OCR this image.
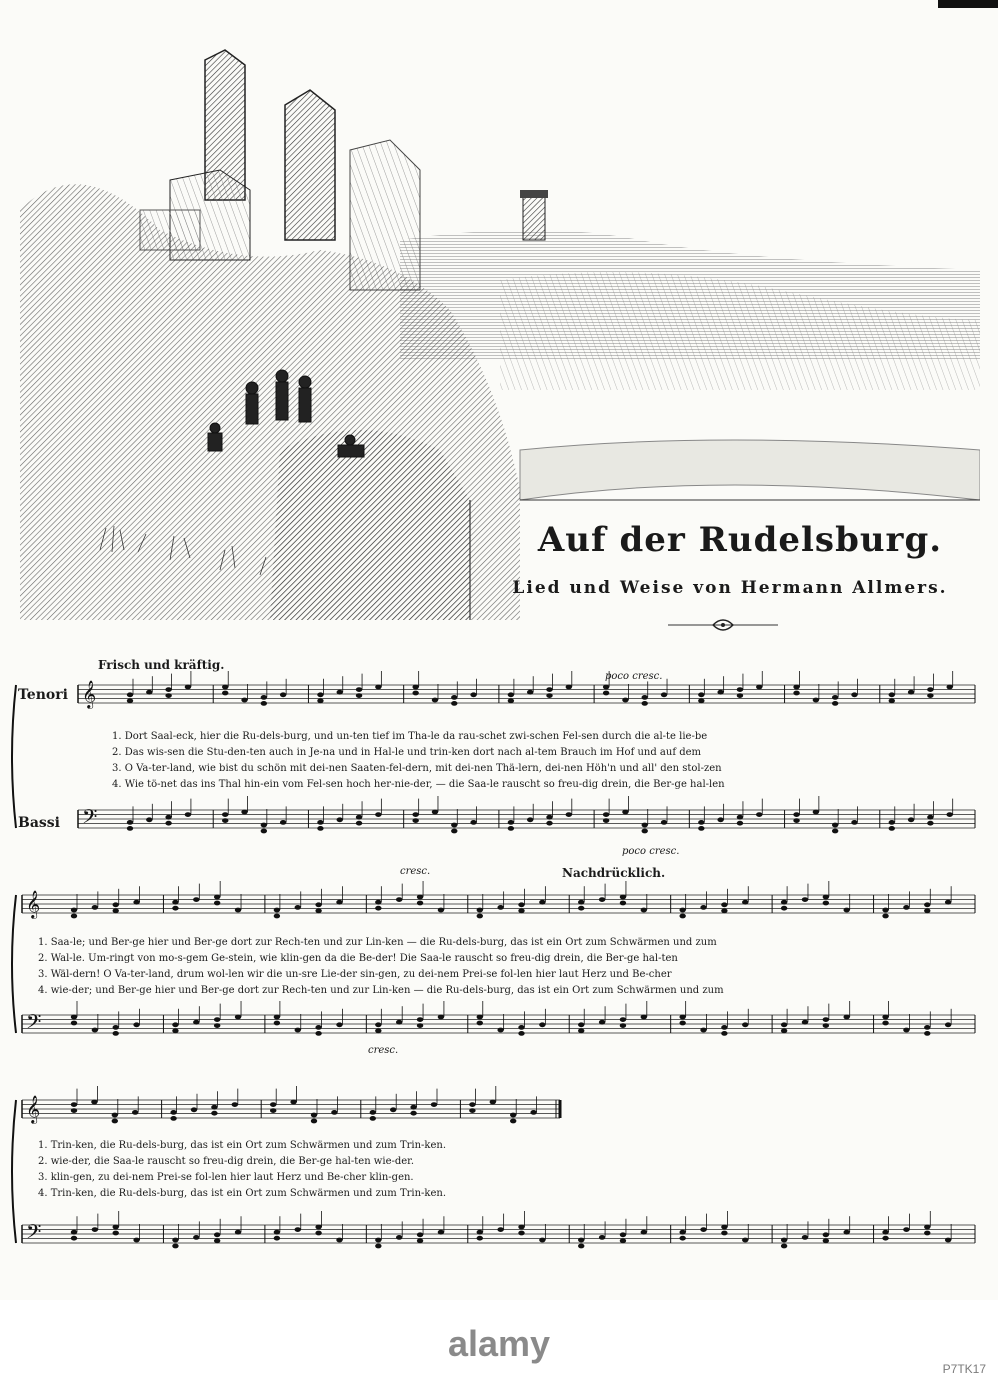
Auf der Rudelsburg.
Lied und Weise von Hermann Allmers.
Frisch und kräftig.
poco cresc.
Tenori
Bassi
poco cresc.
cresc.	Nachdrücklich.
cresc.
1. Dort Saal-eck, hier die Ru-dels-burg, und un-ten tief im Tha-le da rau-schet zwi-schen Fel-sen durch die al-te lie-be
2. Das wis-sen die Stu-den-ten auch in Je-na und in Hal-le und trin-ken dort nach al-tem Brauch im Hof und auf dem
3. O Va-ter-land, wie bist du schön mit dei-nen Saaten-fel-dern, mit dei-nen Thä-lern, dei-nen Höh'n und all' den stol-zen
4. Wie tö-net das ins Thal hin-ein vom Fel-sen hoch her-nie-der, — die Saa-le rauscht so freu-dig drein, die Ber-ge hal-len
1. Saa-le; und Ber-ge hier und Ber-ge dort zur Rech-ten und zur Lin-ken — die Ru-dels-burg, das ist ein Ort zum Schwärmen und zum
2. Wal-le. Um-ringt von mo-s-gem Ge-stein, wie klin-gen da die Be-der! Die Saa-le rauscht so freu-dig drein, die Ber-ge hal-ten
3. Wäl-dern! O Va-ter-land, drum wol-len wir die un-sre Lie-der sin-gen, zu dei-nem Prei-se fol-len hier laut Herz und Be-cher
4. wie-der; und Ber-ge hier und Ber-ge dort zur Rech-ten und zur Lin-ken — die Ru-dels-burg, das ist ein Ort zum Schwärmen und zum
1. Trin-ken, die Ru-dels-burg, das ist ein Ort zum Schwärmen und zum Trin-ken.
2. wie-der, die Saa-le rauscht so freu-dig drein, die Ber-ge hal-ten wie-der.
3. klin-gen, zu dei-nem Prei-se fol-len hier laut Herz und Be-cher klin-gen.
4. Trin-ken, die Ru-dels-burg, das ist ein Ort zum Schwärmen und zum Trin-ken.
𝄞
𝄢
𝄞
𝄢
𝄞
𝄢
alamy
P7TK17
